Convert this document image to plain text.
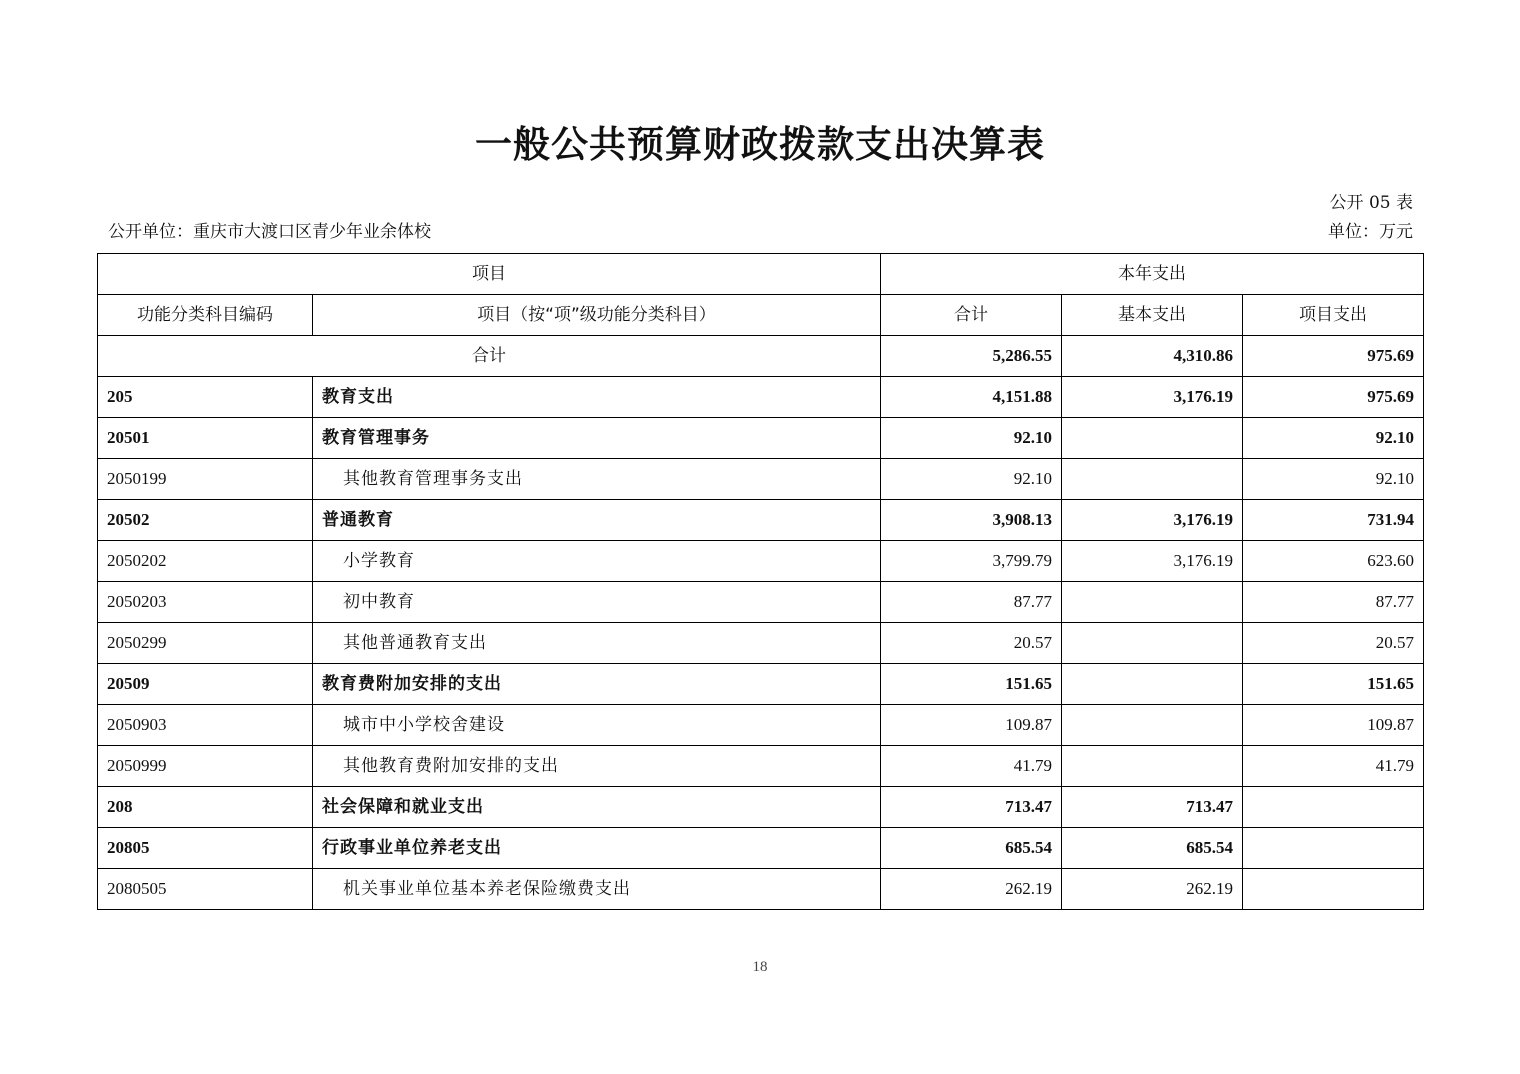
一般公共预算财政拨款支出决算表
公开 05 表
公开单位：重庆市大渡口区青少年业余体校	单位：万元
项目		本年支出		
功能分类科目编码	项目（按“项”级功能分类科目）	合计	基本支出	项目支出
合计		5,286.55	4,310.86	975.69
205	教育支出	4,151.88	3,176.19	975.69
20501	教育管理事务	92.10		92.10
2050199	其他教育管理事务支出	92.10		92.10
20502	普通教育	3,908.13	3,176.19	731.94
2050202	小学教育	3,799.79	3,176.19	623.60
2050203	初中教育	87.77		87.77
2050299	其他普通教育支出	20.57		20.57
20509	教育费附加安排的支出	151.65		151.65
2050903	城市中小学校舍建设	109.87		109.87
2050999	其他教育费附加安排的支出	41.79		41.79
208	社会保障和就业支出	713.47	713.47	
20805	行政事业单位养老支出	685.54	685.54	
2080505	机关事业单位基本养老保险缴费支出	262.19	262.19	
18
